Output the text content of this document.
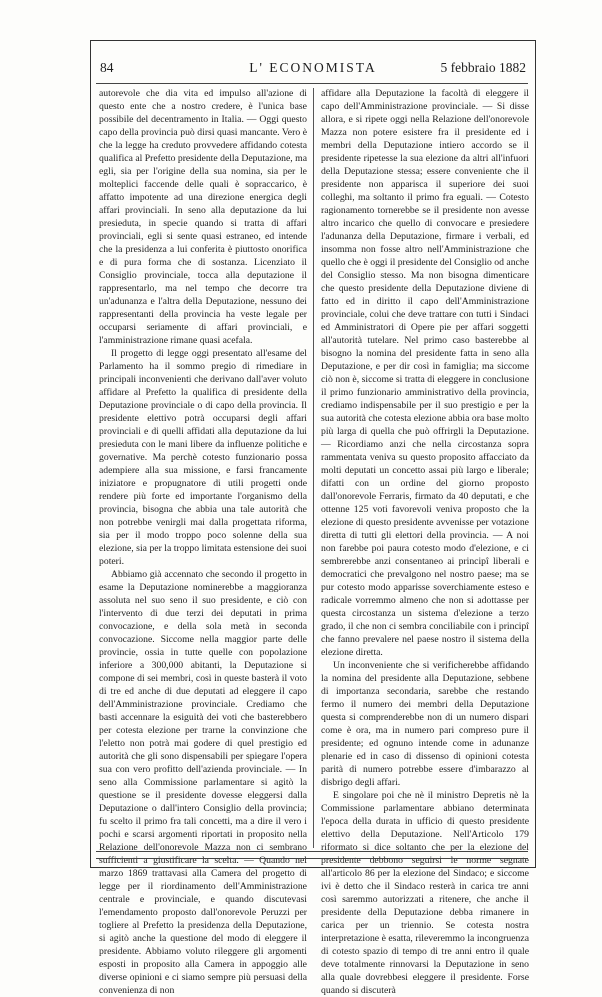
84	L' ECONOMISTA	5 febbraio 1882

autorevole che dia vita ed impulso all'azione di questo ente che a nostro credere, è l'unica base possibile del decentramento in Italia. — Oggi questo capo della provincia può dirsi quasi mancante. Vero è che la legge ha creduto provvedere affidando cotesta qualifica al Prefetto presidente della Deputazione, ma egli, sia per l'origine della sua nomina, sia per le molteplici faccende delle quali è sopraccarico, è affatto impotente ad una direzione energica degli affari provinciali. In seno alla deputazione da lui presieduta, in specie quando si tratta di affari provinciali, egli si sente quasi estraneo, ed intende che la presidenza a lui conferita è piuttosto onorifica e di pura forma che di sostanza. Licenziato il Consiglio provinciale, tocca alla deputazione il rappresentarlo, ma nel tempo che decorre tra un'adunanza e l'altra della Deputazione, nessuno dei rappresentanti della provincia ha veste legale per occuparsi seriamente di affari provinciali, e l'amministrazione rimane quasi acefala.

Il progetto di legge oggi presentato all'esame del Parlamento ha il sommo pregio di rimediare in principali inconvenienti che derivano dall'aver voluto affidare al Prefetto la qualifica di presidente della Deputazione provinciale o di capo della provincia. Il presidente elettivo potrà occuparsi degli affari provinciali e di quelli affidati alla deputazione da lui presieduta con le mani libere da influenze politiche e governative. Ma perchè cotesto funzionario possa adempiere alla sua missione, e farsi francamente iniziatore e propugnatore di utili progetti onde rendere più forte ed importante l'organismo della provincia, bisogna che abbia una tale autorità che non potrebbe venirgli mai dalla progettata riforma, sia per il modo troppo poco solenne della sua elezione, sia per la troppo limitata estensione dei suoi poteri.

Abbiamo già accennato che secondo il progetto in esame la Deputazione nominerebbe a maggioranza assoluta nel suo seno il suo presidente, e ciò con l'intervento di due terzi dei deputati in prima convocazione, e della sola metà in seconda convocazione. Siccome nella maggior parte delle provincie, ossia in tutte quelle con popolazione inferiore a 300,000 abitanti, la Deputazione si compone di sei membri, così in queste basterà il voto di tre ed anche di due deputati ad eleggere il capo dell'Amministrazione provinciale. Crediamo che basti accennare la esiguità dei voti che basterebbero per cotesta elezione per trarne la convinzione che l'eletto non potrà mai godere di quel prestigio ed autorità che gli sono dispensabili per spiegare l'opera sua con vero profitto dell'azienda provinciale. — In seno alla Commissione parlamentare si agitò la questione se il presidente dovesse eleggersi dalla Deputazione o dall'intero Consiglio della provincia; fu scelto il primo fra tali concetti, ma a dire il vero i pochi e scarsi argomenti riportati in proposito nella Relazione dell'onorevole Mazza non ci sembrano sufficienti a giustificare la scelta. — Quando nel marzo 1869 trattavasi alla Camera del progetto di legge per il riordinamento dell'Amministrazione centrale e provinciale, e quando discutevasi l'emendamento proposto dall'onorevole Peruzzi per togliere al Prefetto la presidenza della Deputazione, si agitò anche la questione del modo di eleggere il presidente. Abbiamo voluto rileggere gli argomenti esposti in proposito alla Camera in appoggio alle diverse opinioni e ci siamo sempre più persuasi della convenienza di non

affidare alla Deputazione la facoltà di eleggere il capo dell'Amministrazione provinciale. — Si disse allora, e si ripete oggi nella Relazione dell'onorevole Mazza non potere esistere fra il presidente ed i membri della Deputazione intiero accordo se il presidente ripetesse la sua elezione da altri all'infuori della Deputazione stessa; essere conveniente che il presidente non apparisca il superiore dei suoi colleghi, ma soltanto il primo fra eguali. — Cotesto ragionamento tornerebbe se il presidente non avesse altro incarico che quello di convocare e presiedere l'adunanza della Deputazione, firmare i verbali, ed insomma non fosse altro nell'Amministrazione che quello che è oggi il presidente del Consiglio od anche del Consiglio stesso. Ma non bisogna dimenticare che questo presidente della Deputazione diviene di fatto ed in diritto il capo dell'Amministrazione provinciale, colui che deve trattare con tutti i Sindaci ed Amministratori di Opere pie per affari soggetti all'autorità tutelare. Nel primo caso basterebbe al bisogno la nomina del presidente fatta in seno alla Deputazione, e per dir così in famiglia; ma siccome ciò non è, siccome si tratta di eleggere in conclusione il primo funzionario amministrativo della provincia, crediamo indispensabile per il suo prestigio e per la sua autorità che cotesta elezione abbia ora base molto più larga di quella che può offrirgli la Deputazione. — Ricordiamo anzi che nella circostanza sopra rammentata venivа su questo proposito affacciato da molti deputati un concetto assai più largo e liberale; difatti con un ordine del giorno proposto dall'onorevole Ferraris, firmato da 40 deputati, e che ottenne 125 voti favorevoli veniva proposto che la elezione di questo presidente avvenisse per votazione diretta di tutti gli elettori della provincia. — A noi non farebbe poi paura cotesto modo d'elezione, e ci sembrerebbe anzi consentaneo ai principî liberali e democratici che prevalgono nel nostro paese; ma se pur cotesto modo apparisse soverchiamente esteso e radicale vorremmo almeno che non si adottasse per questa circostanza un sistema d'elezione a terzo grado, il che non ci sembra conciliabile con i principî che fanno prevalere nel paese nostro il sistema della elezione diretta.

Un inconveniente che si verificherebbe affidando la nomina del presidente alla Deputazione, sebbene di importanza secondaria, sarebbe che restando fermo il numero dei membri della Deputazione questa si comprenderebbe non di un numero dispari come è ora, ma in numero pari compreso pure il presidente; ed ognuno intende come in adunanze plenarie ed in caso di dissenso di opinioni cotesta parità di numero potrebbe essere d'imbarazzo al disbrigo degli affari.

E singolare poi che nè il ministro Depretis nè la Commissione parlamentare abbiano determinata l'epoca della durata in ufficio di questo presidente elettivo della Deputazione. Nell'Articolo 179 riformato si dice soltanto che per la elezione del presidente debbono seguirsi le norme segnate all'articolo 86 per la elezione del Sindaco; e siccome ivi è detto che il Sindaco resterà in carica tre anni così saremmo autorizzati a ritenere, che anche il presidente della Deputazione debba rimanere in carica per un triennio. Se cotesta nostra interpretazione è esatta, rileveremmo la incongruenza di cotesto spazio di tempo di tre anni entro il quale deve totalmente rinnovarsi la Deputazione in seno alla quale dovrebbesi eleggere il presidente. Forse quando si discuterà
